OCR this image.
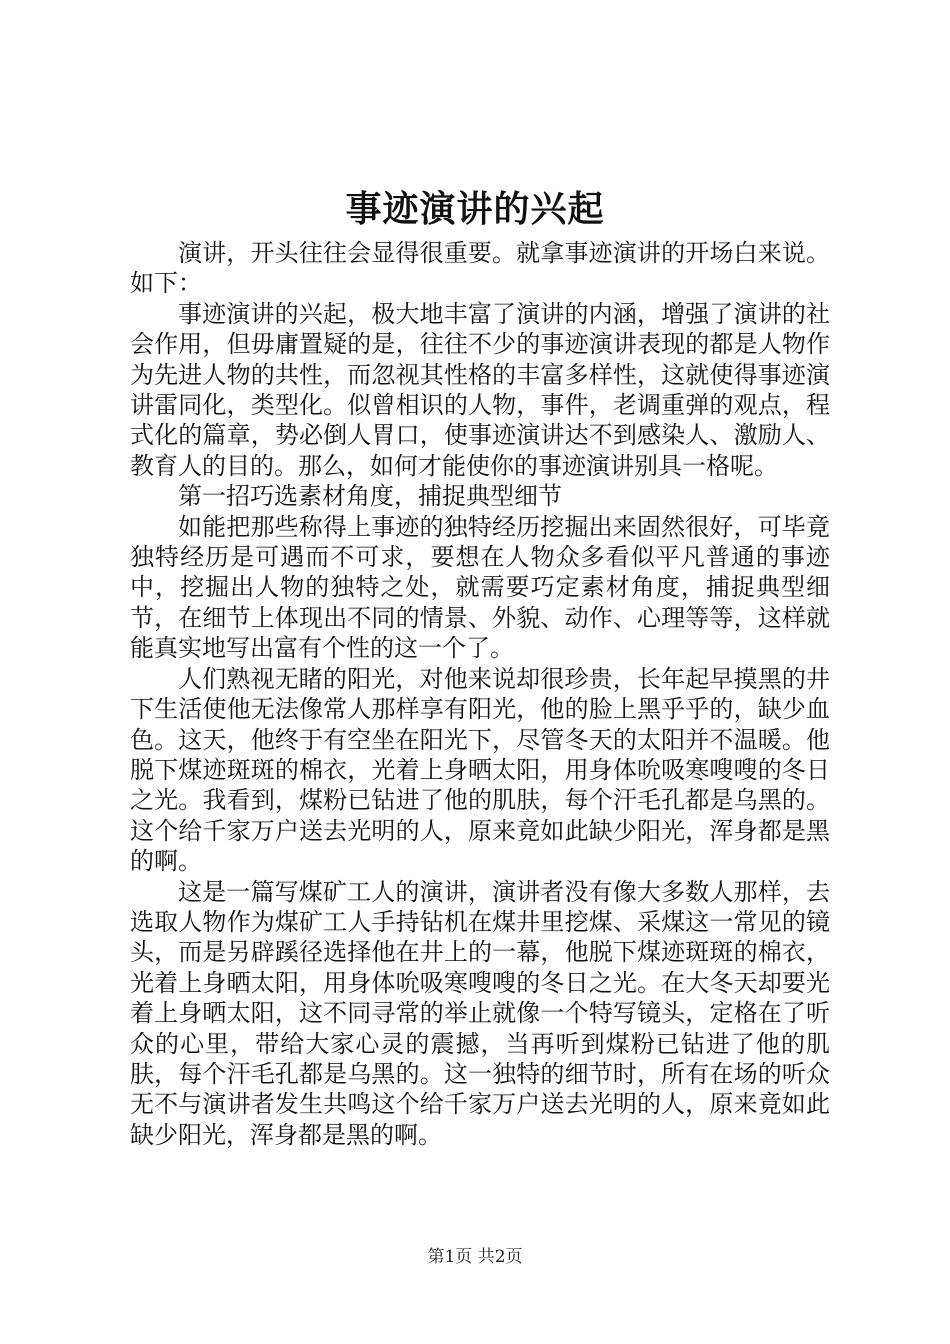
事迹演讲的兴起

演讲，开头往往会显得很重要。就拿事迹演讲的开场白来说。如下：

事迹演讲的兴起，极大地丰富了演讲的内涵，增强了演讲的社会作用，但毋庸置疑的是，往往不少的事迹演讲表现的都是人物作为先进人物的共性，而忽视其性格的丰富多样性，这就使得事迹演讲雷同化，类型化。似曾相识的人物，事件，老调重弹的观点，程式化的篇章，势必倒人胃口，使事迹演讲达不到感染人、激励人、教育人的目的。那么，如何才能使你的事迹演讲别具一格呢。

第一招巧选素材角度，捕捉典型细节

如能把那些称得上事迹的独特经历挖掘出来固然很好，可毕竟独特经历是可遇而不可求，要想在人物众多看似平凡普通的事迹中，挖掘出人物的独特之处，就需要巧定素材角度，捕捉典型细节，在细节上体现出不同的情景、外貌、动作、心理等等，这样就能真实地写出富有个性的这一个了。

人们熟视无睹的阳光，对他来说却很珍贵，长年起早摸黑的井下生活使他无法像常人那样享有阳光，他的脸上黑乎乎的，缺少血色。这天，他终于有空坐在阳光下，尽管冬天的太阳并不温暖。他脱下煤迹斑斑的棉衣，光着上身晒太阳，用身体吮吸寒嗖嗖的冬日之光。我看到，煤粉已钻进了他的肌肤，每个汗毛孔都是乌黑的。这个给千家万户送去光明的人，原来竟如此缺少阳光，浑身都是黑的啊。

这是一篇写煤矿工人的演讲，演讲者没有像大多数人那样，去选取人物作为煤矿工人手持钻机在煤井里挖煤、采煤这一常见的镜头，而是另辟蹊径选择他在井上的一幕，他脱下煤迹斑斑的棉衣，光着上身晒太阳，用身体吮吸寒嗖嗖的冬日之光。在大冬天却要光着上身晒太阳，这不同寻常的举止就像一个特写镜头，定格在了听众的心里，带给大家心灵的震撼，当再听到煤粉已钻进了他的肌肤，每个汗毛孔都是乌黑的。这一独特的细节时，所有在场的听众无不与演讲者发生共鸣这个给千家万户送去光明的人，原来竟如此缺少阳光，浑身都是黑的啊。

第1页 共2页
